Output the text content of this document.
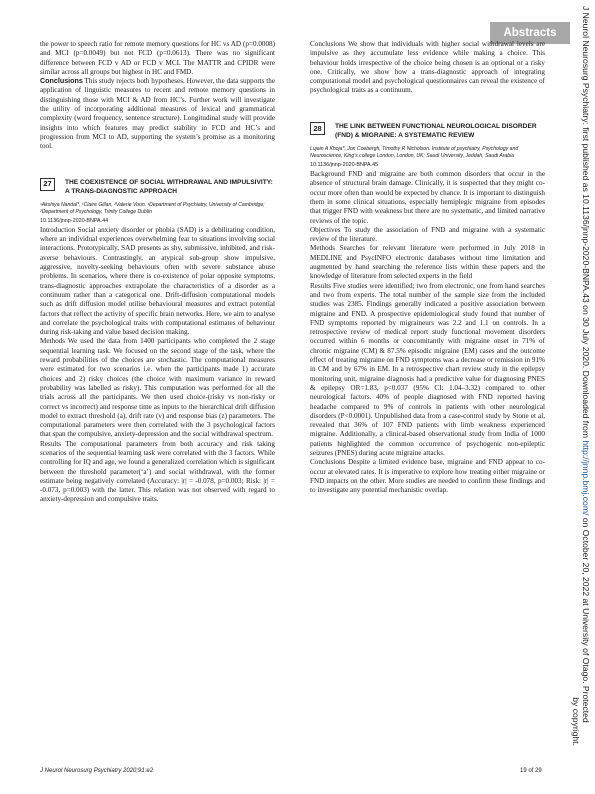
Abstracts	J Neurol Neurosurg Psychiatry: first published as 10.1136/jnnp-2020-BNPA.43 on 30 July 2020. Downloaded from http://jnnp.bmj.com/ on October 20, 2022 at University of Otago. Protected
by copyright.

the power to speech ratio for remote memory questions for HC vs AD (p=0.0008) and MCI (p=0.0049) but not FCD (p=0.0613). There was no significant difference between FCD v AD or FCD v MCI. The MATTR and CPIDR were similar across all groups but highest in HC and FMD.

Conclusions This study rejects both hypotheses. However, the data supports the application of linguistic measures to recent and remote memory questions in distinguishing those with MCI & AD from HC’s. Further work will investigate the utility of incorporating additional measures of lexical and grammatical complexity (word frequency, sentence structure). Longitudinal study will provide insights into which features may predict stability in FCD and HC’s and progression from MCI to AD, supporting the system’s promise as a monitoring tool.

27	THE COEXISTENCE OF SOCIAL WITHDRAWAL AND IMPULSIVITY: A TRANS-DIAGNOSTIC APPROACH

¹Akshiya Nandal*, ¹Claire Gillan, ²Valerie Voon. ¹Department of Psychiatry, University of Cambridge; ²Department of Psychology, Trinity College Dublin

10.1136/jnnp-2020-BNPA.44

Introduction Social anxiety disorder or phobia (SAD) is a debilitating condition, where an individual experiences overwhelming fear to situations involving social interactions. Prototypically, SAD presents as shy, submissive, inhibited, and risk-averse behaviours. Contrastingly, an atypical sub-group show impulsive, aggressive, novelty-seeking behaviours often with severe substance abuse problems. In scenarios, where there is co-existence of polar opposite symptoms, trans-diagnostic approaches extrapolate the characteristics of a disorder as a continuum rather than a categorical one. Drift-diffusion computational models such as drift diffusion model utilise behavioural measures and extract potential factors that reflect the activity of specific brain networks. Here, we aim to analyse and correlate the psychological traits with computational estimates of behaviour during risk-taking and value based decision making.

Methods We used the data from 1400 participants who completed the 2 stage sequential learning task. We focused on the second stage of the task, where the reward probabilities of the choices are stochastic. The computational measures were estimated for two scenarios i.e. when the participants made 1) accurate choices and 2) risky choices (the choice with maximum variance in reward probability was labelled as risky). This computation was performed for all the trials across all the participants. We then used choice-(risky vs non-risky or correct vs incorrect) and response time as inputs to the hierarchical drift diffusion model to extract threshold (a), drift rate (v) and response bias (z) parameters. The computational parameters were then correlated with the 3 psychological factors that span the compulsive, anxiety-depression and the social withdrawal spectrum.

Results The computational parameters from both accuracy and risk taking scenarios of the sequential learning task were correlated with the 3 factors. While controlling for IQ and age, we found a generalized correlation which is significant between the threshold parameter(‘a’) and social withdrawal, with the former estimate being negatively correlated (Accuracy: |r| = -0.078, p=0.003; Risk: |r| = -0.073, p=0.003) with the latter. This relation was not observed with regard to anxiety-depression and compulsive traits.

Conclusions We show that individuals with higher social withdrawal levels are impulsive as they accumulate less evidence while making a choice. This behaviour holds irrespective of the choice being chosen is an optional or a risky one. Critically, we show how a trans-diagnostic approach of integrating computational model and psychological questionnaires can reveal the existence of psychological traits as a continuum.

28	THE LINK BETWEEN FUNCTIONAL NEUROLOGICAL DISORDER (FND) & MIGRAINE: A SYSTEMATIC REVIEW

Lujain A Khoja*, Jon Coebergh, Timothy R Nicholson. Institute of psychiatry, Psychology and Neuroscience, King’s college London, London, UK; Saudi University, Jeddah, Saudi Arabia

10.1136/jnnp-2020-BNPA.45

Background FND and migraine are both common disorders that occur in the absence of structural brain damage. Clinically, it is suspected that they might co-occur more often than would be expected by chance. It is important to distinguish them in some clinical situations, especially hemiplegic migraine from episodes that trigger FND with weakness but there are no systematic, and limited narrative reviews of the topic.

Objectives To study the association of FND and migraine with a systematic review of the literature.

Methods Searches for relevant literature were performed in July 2018 in MEDLINE and PsycINFO electronic databases without time limitation and augmented by hand searching the reference lists within these papers and the knowledge of literature from selected experts in the field

Results Five studies were identified; two from electronic, one from hand searches and two from experts. The total number of the sample size from the included studies was 2385. Findings generally indicated a positive association between migraine and FND. A prospective epidemiological study found that number of FND symptoms reported by migraineurs was 2.2 and 1.1 on controls. In a retrospective review of medical report study functional movement disorders occurred within 6 months or concomitantly with migraine onset in 71% of chronic migraine (CM) & 87.5% episodic migraine (EM) cases and the outcome effect of treating migraine on FND symptoms was a decrease or remission in 91% in CM and by 67% in EM. In a retrospective chart review study in the epilepsy monitoring unit, migraine diagnosis had a predictive value for diagnosing PNES & epilepsy OR=1.83, p<0.037 (95% CI: 1.04–3.32) compared to other neurological factors. 40% of people diagnosed with FND reported having headache compared to 9% of controls in patients with other neurological disorders (P<0.0001). Unpublished data from a case-control study by Stone et al, revealed that 36% of 107 FND patients with limb weakness experienced migraine. Additionally, a clinical-based observational study from India of 1000 patients highlighted the common occurrence of psychogenic non-epileptic seizures (PNES) during acute migraine attacks.

Conclusions Despite a limited evidence base, migraine and FND appear to co-occur at elevated rates. It is imperative to explore how treating either migraine or FND impacts on the other. More studies are needed to confirm these findings and to investigate any potential mechanistic overlap.

J Neurol Neurosurg Psychiatry 2020;91:e2	19 of 29
